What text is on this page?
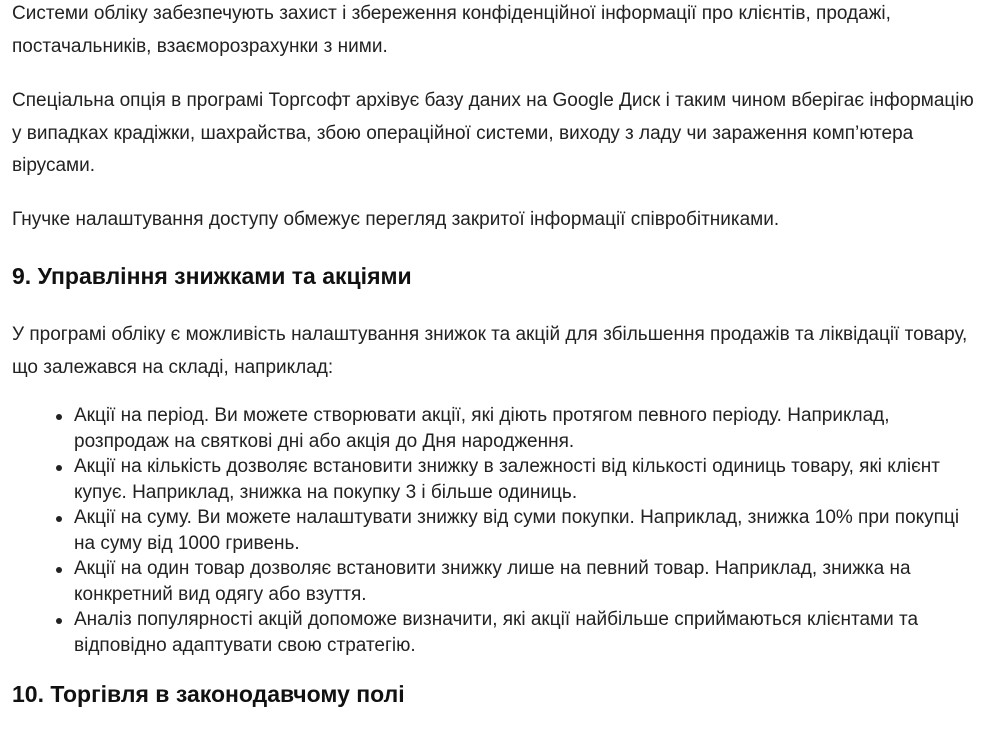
Системи обліку забезпечують захист і збереження конфіденційної інформації про клієнтів, продажі, постачальників, взаєморозрахунки з ними.

Спеціальна опція в програмі Торгсофт архівує базу даних на Google Диск і таким чином вберігає інформацію у випадках крадіжки, шахрайства, збою операційної системи, виходу з ладу чи зараження комп’ютера вірусами.

Гнучке налаштування доступу обмежує перегляд закритої інформації співробітниками.

9. Управління знижками та акціями

У програмі обліку є можливість налаштування знижок та акцій для збільшення продажів та ліквідації товару, що залежався на складі, наприклад:

Акції на період. Ви можете створювати акції, які діють протягом певного періоду. Наприклад, розпродаж на святкові дні або акція до Дня народження.
Акції на кількість дозволяє встановити знижку в залежності від кількості одиниць товару, які клієнт купує. Наприклад, знижка на покупку 3 і більше одиниць.
Акції на суму. Ви можете налаштувати знижку від суми покупки. Наприклад, знижка 10% при покупці на суму від 1000 гривень.
Акції на один товар дозволяє встановити знижку лише на певний товар. Наприклад, знижка на конкретний вид одягу або взуття.
Аналіз популярності акцій допоможе визначити, які акції найбільше сприймаються клієнтами та відповідно адаптувати свою стратегію.
10. Торгівля в законодавчому полі
